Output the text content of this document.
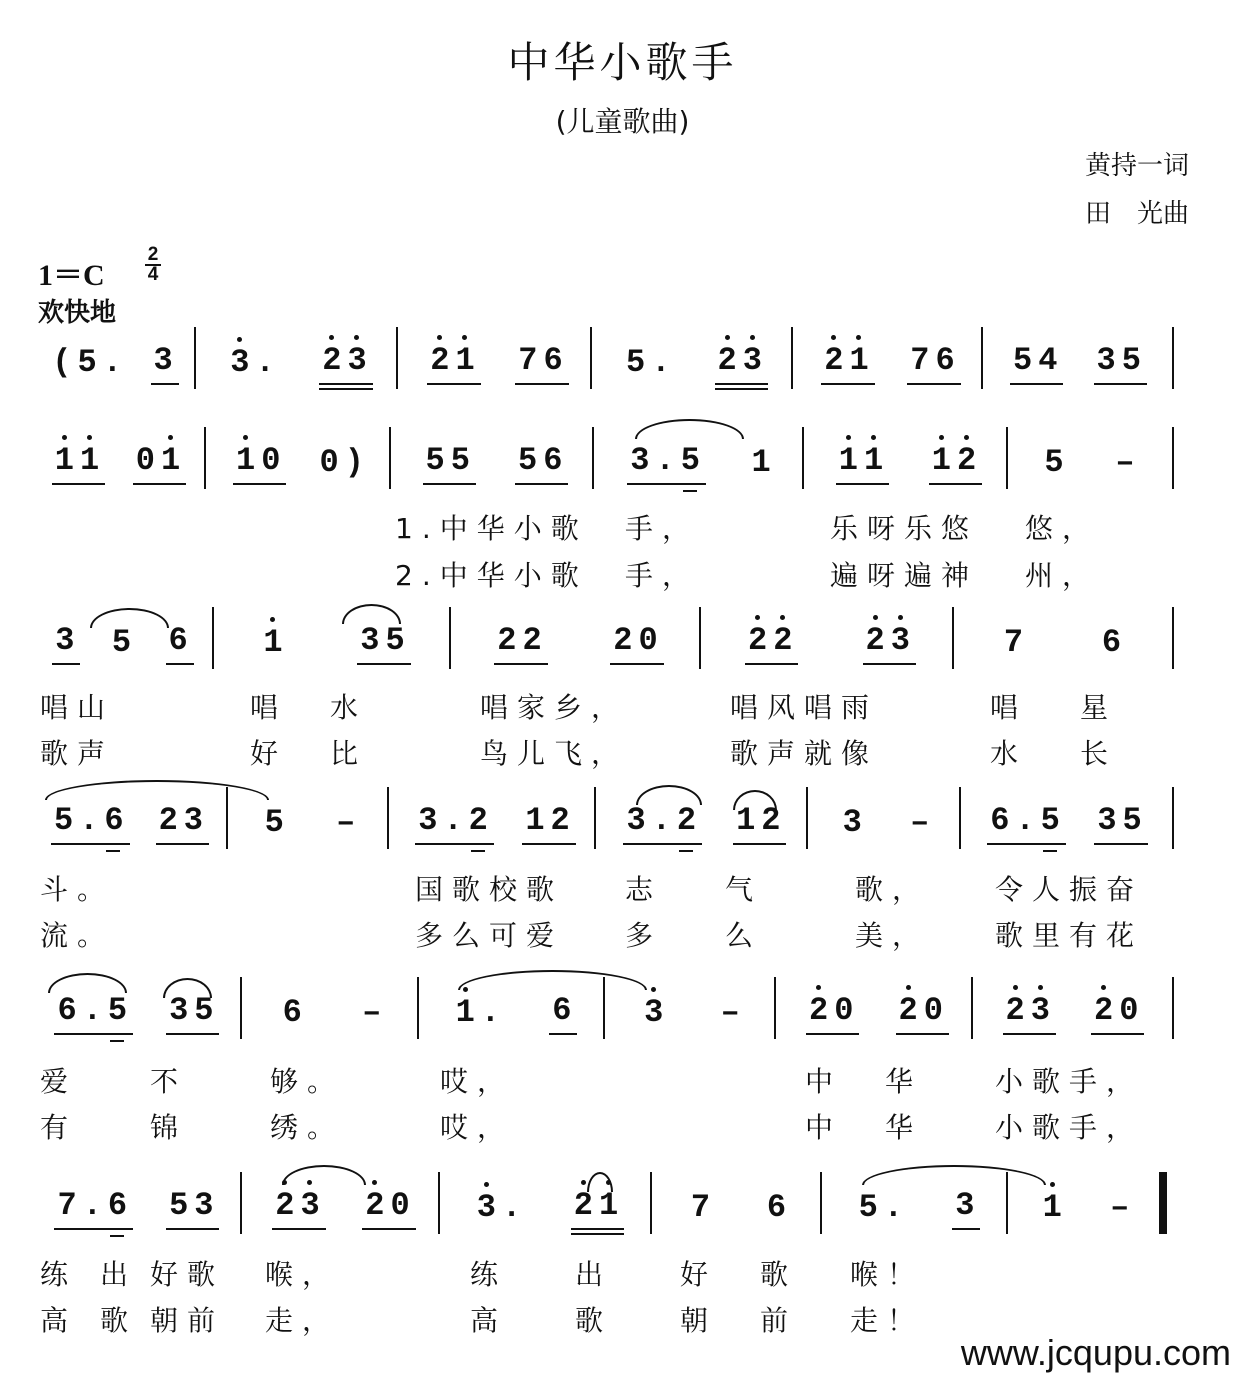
中华小歌手
(儿童歌曲)
黄持一词
田　光曲
1＝C
2
4
欢快地
www.jcqupu.com
(5. 3 3. 23 21 76 5. 23 21 76 54 35
11 01 10 0) 55 56 3.5 1 11 12 5 –
3 5 6 1 35	22 20	22 23	7 6
5.6 23 5 – 3.2 12 3.2 12 3 – 6.5 35
6.5 35 6 – 1. 6 3 – 20 20 23 20
7.6 53 23 20 3. 21 7 6 5. 3 1 –
1.中华小歌 手，	乐呀乐悠 悠，
2.中华小歌 手，	遍呀遍神 州，
唱山	唱 水	唱家乡，	唱风唱雨	唱 星
歌声	好 比	鸟儿飞，	歌声就像	水 长
斗。	国歌校歌 志 气	歌， 令人振奋
流。	多么可爱 多 么	美， 歌里有花
爱	不	够。	哎，	中 华	小歌手，
有	锦	绣。	哎，	中 华	小歌手，
练 出 好歌 喉，	练 出 好 歌 喉！
高 歌 朝前 走，	高 歌 朝 前 走！
